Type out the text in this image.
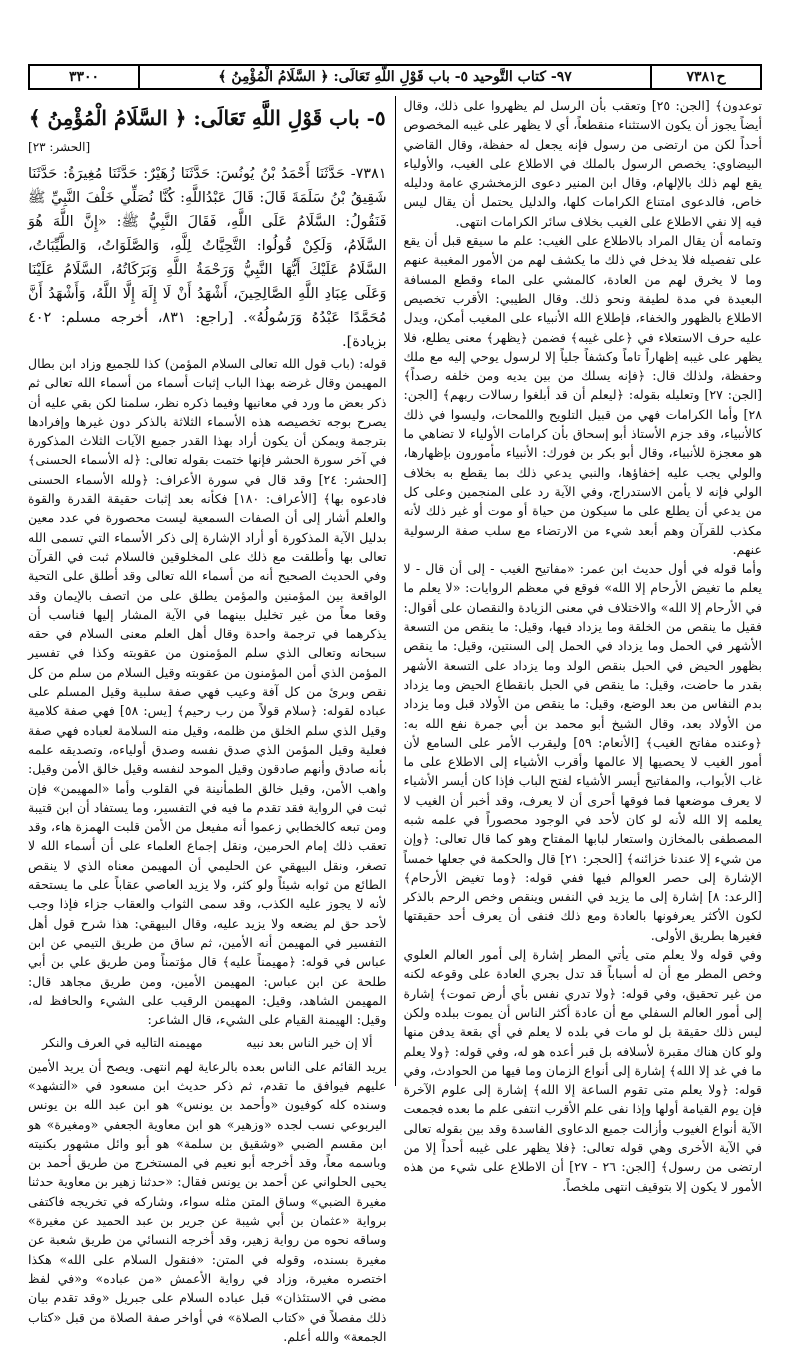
ح٧٣٨١
٩٧- كتاب التَّوحيد ٥- باب قَوْلِ اللَّهِ تَعَالَى: ﴿ السَّلَامُ الْمُؤْمِنُ ﴾
٣٣٠٠

توعدون﴾ [الجن: ٢٥] وتعقب بأن الرسل لم يظهروا على ذلك، وقال أيضاً يجوز أن يكون الاستثناء منقطعاً، أي لا يظهر على غيبه المخصوص أحداً لكن من ارتضى من رسول فإنه يجعل له حفظة، وقال القاضي البيضاوي: يخصص الرسول بالملك في الاطلاع على الغيب، والأولياء يقع لهم ذلك بالإلهام، وقال ابن المنير دعوى الزمخشري عامة ودليله خاص، فالدعوى امتناع الكرامات كلها، والدليل يحتمل أن يقال ليس فيه إلا نفي الاطلاع على الغيب بخلاف سائر الكرامات انتهى.

وتمامه أن يقال المراد بالاطلاع على الغيب: علم ما سيقع قبل أن يقع على تفصيله فلا يدخل في ذلك ما يكشف لهم من الأمور المغيبة عنهم وما لا يخرق لهم من العادة، كالمشي على الماء وقطع المسافة البعيدة في مدة لطيفة ونحو ذلك. وقال الطيبي: الأقرب تخصيص الاطلاع بالظهور والخفاء، فإطلاع الله الأنبياء على المغيب أمكن، ويدل عليه حرف الاستعلاء في ﴿على غيبه﴾ فضمن ﴿يظهر﴾ معنى يطلع، فلا يظهر على غيبه إظهاراً تاماً وكشفاً جلياً إلا لرسول يوحي إليه مع ملك وحفظة، ولذلك قال: ﴿فإنه يسلك من بين يديه ومن خلفه رصداً﴾ [الجن: ٢٧] وتعليله بقوله: ﴿ليعلم أن قد أبلغوا رسالات ربهم﴾ [الجن: ٢٨] وأما الكرامات فهي من قبيل التلويح واللمحات، وليسوا في ذلك كالأنبياء، وقد جزم الأستاذ أبو إسحاق بأن كرامات الأولياء لا تضاهي ما هو معجزة للأنبياء، وقال أبو بكر بن فورك: الأنبياء مأمورون بإظهارها، والولي يجب عليه إخفاؤها، والنبي يدعي ذلك بما يقطع به بخلاف الولي فإنه لا يأمن الاستدراج، وفي الآية رد على المنجمين وعلى كل من يدعي أن يطلع على ما سيكون من حياة أو موت أو غير ذلك لأنه مكذب للقرآن وهم أبعد شيء من الارتضاء مع سلب صفة الرسولية عنهم.

وأما قوله في أول حديث ابن عمر: «مفاتيح الغيب - إلى أن قال - لا يعلم ما تغيض الأرحام إلا الله» فوقع في معظم الروايات: «لا يعلم ما في الأرحام إلا الله» والاختلاف في معنى الزيادة والنقصان على أقوال: فقيل ما ينقص من الخلقة وما يزداد فيها، وقيل: ما ينقص من التسعة الأشهر في الحمل وما يزداد في الحمل إلى السنتين، وقيل: ما ينقص بظهور الحيض في الحبل بنقص الولد وما يزداد على التسعة الأشهر بقدر ما حاضت، وقيل: ما ينقص في الحبل بانقطاع الحيض وما يزداد بدم النفاس من بعد الوضع، وقيل: ما ينقص من الأولاد قبل وما يزداد من الأولاد بعد، وقال الشيخ أبو محمد بن أبي جمرة نفع الله به: ﴿وعنده مفاتح الغيب﴾ [الأنعام: ٥٩] وليقرب الأمر على السامع لأن أمور الغيب لا يحصيها إلا عالمها وأقرب الأشياء إلى الاطلاع على ما غاب الأبواب، والمفاتيح أيسر الأشياء لفتح الباب فإذا كان أيسر الأشياء لا يعرف موضعها فما فوقها أحرى أن لا يعرف، وقد أخبر أن الغيب لا يعلمه إلا الله لأنه لو كان لأحد في الوجود محصوراً في علمه شبه المصطفى بالمخازن واستعار لبابها المفتاح وهو كما قال تعالى: ﴿وإن من شيء إلا عندنا خزائنه﴾ [الحجر: ٢١] قال والحكمة في جعلها خمساً الإشارة إلى حصر العوالم فيها ففي قوله: ﴿وما تغيض الأرحام﴾ [الرعد: ٨] إشارة إلى ما يزيد في النفس وينقص وخص الرحم بالذكر لكون الأكثر يعرفونها بالعادة ومع ذلك فنفى أن يعرف أحد حقيقتها فغيرها بطريق الأولى.

وفي قوله ولا يعلم متى يأتي المطر إشارة إلى أمور العالم العلوي وخص المطر مع أن له أسباباً قد تدل بجري العادة على وقوعه لكنه من غير تحقيق، وفي قوله: ﴿ولا تدري نفس بأي أرض تموت﴾ إشارة إلى أمور العالم السفلي مع أن عادة أكثر الناس أن يموت ببلده ولكن ليس ذلك حقيقة بل لو مات في بلده لا يعلم في أي بقعة يدفن منها ولو كان هناك مقبرة لأسلافه بل قبر أعده هو له، وفي قوله: ﴿ولا يعلم ما في غد إلا الله﴾ إشارة إلى أنواع الزمان وما فيها من الحوادث، وفي قوله: ﴿ولا يعلم متى تقوم الساعة إلا الله﴾ إشارة إلى علوم الآخرة فإن يوم القيامة أولها وإذا نفى علم الأقرب انتفى علم ما بعده فجمعت الآية أنواع الغيوب وأزالت جميع الدعاوى الفاسدة وقد بين بقوله تعالى في الآية الأخرى وهي قوله تعالى: ﴿فلا يظهر على غيبه أحداً إلا من ارتضى من رسول﴾ [الجن: ٢٦ - ٢٧] أن الاطلاع على شيء من هذه الأمور لا يكون إلا بتوقيف انتهى ملخصاً.

٥- باب قَوْلِ اللَّهِ تَعَالَى: ﴿ السَّلَامُ الْمُؤْمِنُ ﴾
[الحشر: ٢٣]

٧٣٨١- حَدَّثَنَا أَحْمَدُ بْنُ يُونُسَ: حَدَّثَنَا زُهَيْرٌ: حَدَّثَنَا مُغِيرَةُ: حَدَّثَنَا شَقِيقُ بْنُ سَلَمَةَ قَالَ: قَالَ عَبْدُاللَّهِ: كُنَّا نُصَلِّي خَلْفَ النَّبِيِّ ﷺ فَنَقُولُ: السَّلَامُ عَلَى اللَّهِ، فَقَالَ النَّبِيُّ ﷺ: «إِنَّ اللَّهَ هُوَ السَّلَامُ، وَلَكِنْ قُولُوا: التَّحِيَّاتُ لِلَّهِ، وَالصَّلَوَاتُ، وَالطَّيِّبَاتُ، السَّلَامُ عَلَيْكَ أَيُّهَا النَّبِيُّ وَرَحْمَةُ اللَّهِ وَبَرَكَاتُهُ، السَّلَامُ عَلَيْنَا وَعَلَى عِبَادِ اللَّهِ الصَّالِحِينَ، أَشْهَدُ أَنْ لَا إِلَهَ إِلَّا اللَّهُ، وَأَشْهَدُ أَنَّ مُحَمَّدًا عَبْدُهُ وَرَسُولُهُ». [راجع: ٨٣١، أخرجه مسلم: ٤٠٢ بزيادة].

قوله: (باب قول الله تعالى السلام المؤمن) كذا للجميع وزاد ابن بطال المهيمن وقال غرضه بهذا الباب إثبات أسماء من أسماء الله تعالى ثم ذكر بعض ما ورد في معانيها وفيما ذكره نظر، سلمنا لكن بقي عليه أن يصرح بوجه تخصيصه هذه الأسماء الثلاثة بالذكر دون غيرها وإفرادها بترجمة ويمكن أن يكون أراد بهذا القدر جميع الآيات الثلاث المذكورة في آخر سورة الحشر فإنها ختمت بقوله تعالى: ﴿له الأسماء الحسنى﴾ [الحشر: ٢٤] وقد قال في سورة الأعراف: ﴿ولله الأسماء الحسنى فادعوه بها﴾ [الأعراف: ١٨٠] فكأنه بعد إثبات حقيقة القدرة والقوة والعلم أشار إلى أن الصفات السمعية ليست محصورة في عدد معين بدليل الآية المذكورة أو أراد الإشارة إلى ذكر الأسماء التي تسمى الله تعالى بها وأطلقت مع ذلك على المخلوقين فالسلام ثبت في القرآن وفي الحديث الصحيح أنه من أسماء الله تعالى وقد أطلق على التحية الواقعة بين المؤمنين والمؤمن يطلق على من اتصف بالإيمان وقد وقعا معاً من غير تخليل بينهما في الآية المشار إليها فناسب أن يذكرهما في ترجمة واحدة وقال أهل العلم معنى السلام في حقه سبحانه وتعالى الذي سلم المؤمنون من عقوبته وكذا في تفسير المؤمن الذي أمن المؤمنون من عقوبته وقيل السلام من سلم من كل نقص وبرئ من كل آفة وعيب فهي صفة سلبية وقيل المسلم على عباده لقوله: ﴿سلام قولاً من رب رحيم﴾ [يس: ٥٨] فهي صفة كلامية وقيل الذي سلم الخلق من ظلمه، وقيل منه السلامة لعباده فهي صفة فعلية وقيل المؤمن الذي صدق نفسه وصدق أولياءه، وتصديقه علمه بأنه صادق وأنهم صادقون وقيل الموحد لنفسه وقيل خالق الأمن وقيل: واهب الأمن، وقيل خالق الطمأنينة في القلوب وأما «المهيمن» فإن ثبت في الرواية فقد تقدم ما فيه في التفسير، وما يستفاد أن ابن قتيبة ومن تبعه كالخطابي زعموا أنه مفيعل من الأمن قلبت الهمزة هاء، وقد تعقب ذلك إمام الحرمين، ونقل إجماع العلماء على أن أسماء الله لا تصغر، ونقل البيهقي عن الحليمي أن المهيمن معناه الذي لا ينقص الطائع من ثوابه شيئاً ولو كثر، ولا يزيد العاصي عقاباً على ما يستحقه لأنه لا يجوز عليه الكذب، وقد سمى الثواب والعقاب جزاء فإذا وجب لأحد حق لم يضعه ولا يزيد عليه، وقال البيهقي: هذا شرح قول أهل التفسير في المهيمن أنه الأمين، ثم ساق من طريق التيمي عن ابن عباس في قوله: ﴿مهيمناً عليه﴾ قال مؤتمناً ومن طريق علي بن أبي طلحة عن ابن عباس: المهيمن الأمين، ومن طريق مجاهد قال: المهيمن الشاهد، وقيل: المهيمن الرقيب على الشيء والحافظ له، وقيل: الهيمنة القيام على الشيء، قال الشاعر:

ألا إن خير الناس بعد نبيه
مهيمنه التاليه في العرف والنكر

يريد القائم على الناس بعده بالرعاية لهم انتهى. ويصح أن يريد الأمين عليهم فيوافق ما تقدم، ثم ذكر حديث ابن مسعود في «التشهد» وسنده كله كوفيون «وأحمد بن يونس» هو ابن عبد الله بن يونس اليربوعي نسب لجده «وزهير» هو ابن معاوية الجعفي «ومغيرة» هو ابن مقسم الضبي «وشقيق بن سلمة» هو أبو وائل مشهور بكنيته وباسمه معاً، وقد أخرجه أبو نعيم في المستخرج من طريق أحمد بن يحيى الحلواني عن أحمد بن يونس فقال: «حدثنا زهير بن معاوية حدثنا مغيرة الضبي» وساق المتن مثله سواء، وشاركه في تخريجه فاكتفى برواية «عثمان بن أبي شيبة عن جرير بن عبد الحميد عن مغيرة» وساقه نحوه من رواية زهير، وقد أخرجه النسائي من طريق شعبة عن مغيرة بسنده، وقوله في المتن: «فنقول السلام على الله» هكذا اختصره مغيرة، وزاد في رواية الأعمش «من عباده» و«في لفظ مضى في الاستئذان» قبل عباده السلام على جبريل «وقد تقدم بيان ذلك مفصلاً في «كتاب الصلاة» في أواخر صفة الصلاة من قبل «كتاب الجمعة» والله أعلم.
